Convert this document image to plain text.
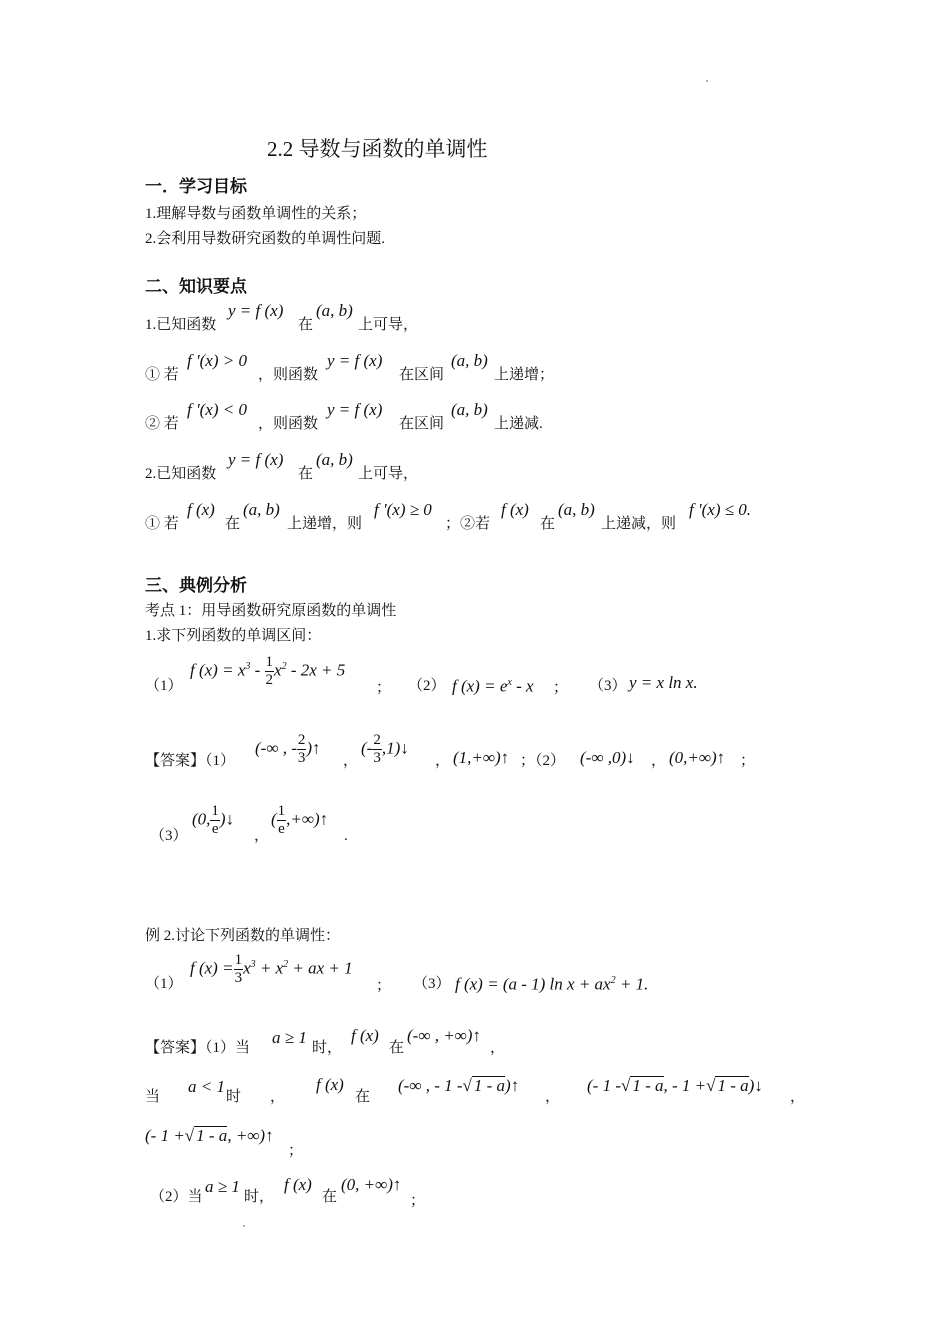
2.2 导数与函数的单调性
一．学习目标
1.理解导数与函数单调性的关系；
2.会利用导数研究函数的单调性问题.
二、知识要点
1.已知函数
y = f (x)
在
(a, b)
上可导，
① 若
f '(x) > 0
，则函数
y = f (x)
在区间
(a, b)
上递增；
② 若
f '(x) < 0
，则函数
y = f (x)
在区间
(a, b)
上递减.
2.已知函数
y = f (x)
在
(a, b)
上可导，
① 若
f (x)
在
(a, b)
上递增，则
f '(x) ≥ 0
；②若
f (x)
在
(a, b)
上递减，则
f '(x) ≤ 0.
三、典例分析
考点 1：用导函数研究原函数的单调性
1.求下列函数的单调区间：
（1）
f $(x) = x^3 - \frac{1}{2} x^2 - 2x + 5$
； （2） f $(x) = e^x - x$ ； （3） y = x ln x.
【答案】（1）
(-∞ , - $\frac{2}{3}$ )↑
，
(- $\frac{2}{3}$ ,1)↓
， (1,+∞)↑ ；（2） (-∞ ,0)↓ ， (0,+∞)↑ ；
（3）
(0, $\frac{1}{e}$ )↓
，
( $\frac{1}{e}$ ,+∞)↑
.
例 2.讨论下列函数的单调性：
（1）
f $(x) = \frac{1}{3} x^3 + x^2$ + ax + 1
； （3） f (x) = (a - 1) $\ln x + ax^2 + 1$.
【答案】（1）当
a ≥ 1
时，
f (x)
在
(-∞ , +∞)↑
，
当
a < 1
时 ，
f (x)
在
(-∞ , - 1 -√ 1 - a)↑
，
(- 1 -√ 1 - a, - 1 +√ 1 - a)↓
，
(- 1 +√ 1 - a, +∞)↑
；
（2）当
a ≥ 1
时，
f (x)
在
(0, +∞)↑
；
